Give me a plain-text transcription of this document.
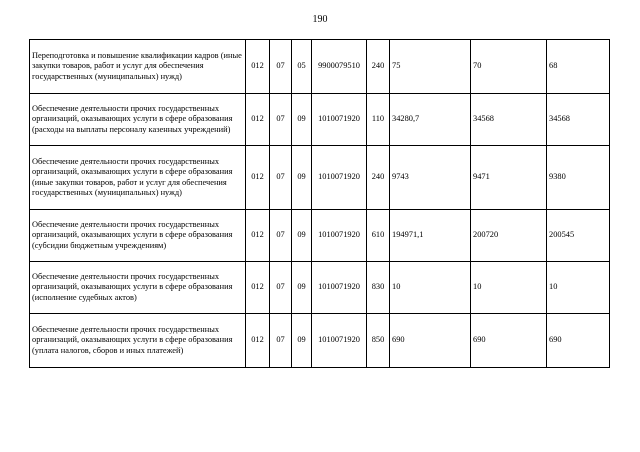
190
Переподготовка и повышение квалификации кадров (иные закупки товаров, работ и услуг для обеспечения государственных (муниципальных) нужд)	012	07	05	9900079510	240	75	70	68
Обеспечение деятельности прочих государственных организаций, оказывающих услуги в сфере образования (расходы на выплаты персоналу казенных учреждений)	012	07	09	1010071920	110	34280,7	34568	34568
Обеспечение деятельности прочих государственных организаций, оказывающих услуги в сфере образования (иные закупки товаров, работ и услуг для обеспечения государственных (муниципальных) нужд)	012	07	09	1010071920	240	9743	9471	9380
Обеспечение деятельности прочих государственных организаций, оказывающих услуги в сфере образования (субсидии бюджетным учреждениям)	012	07	09	1010071920	610	194971,1	200720	200545
Обеспечение деятельности прочих государственных организаций, оказывающих услуги в сфере образования (исполнение судебных актов)	012	07	09	1010071920	830	10	10	10
Обеспечение деятельности прочих государственных организаций, оказывающих услуги в сфере образования (уплата налогов, сборов и иных платежей)	012	07	09	1010071920	850	690	690	690
